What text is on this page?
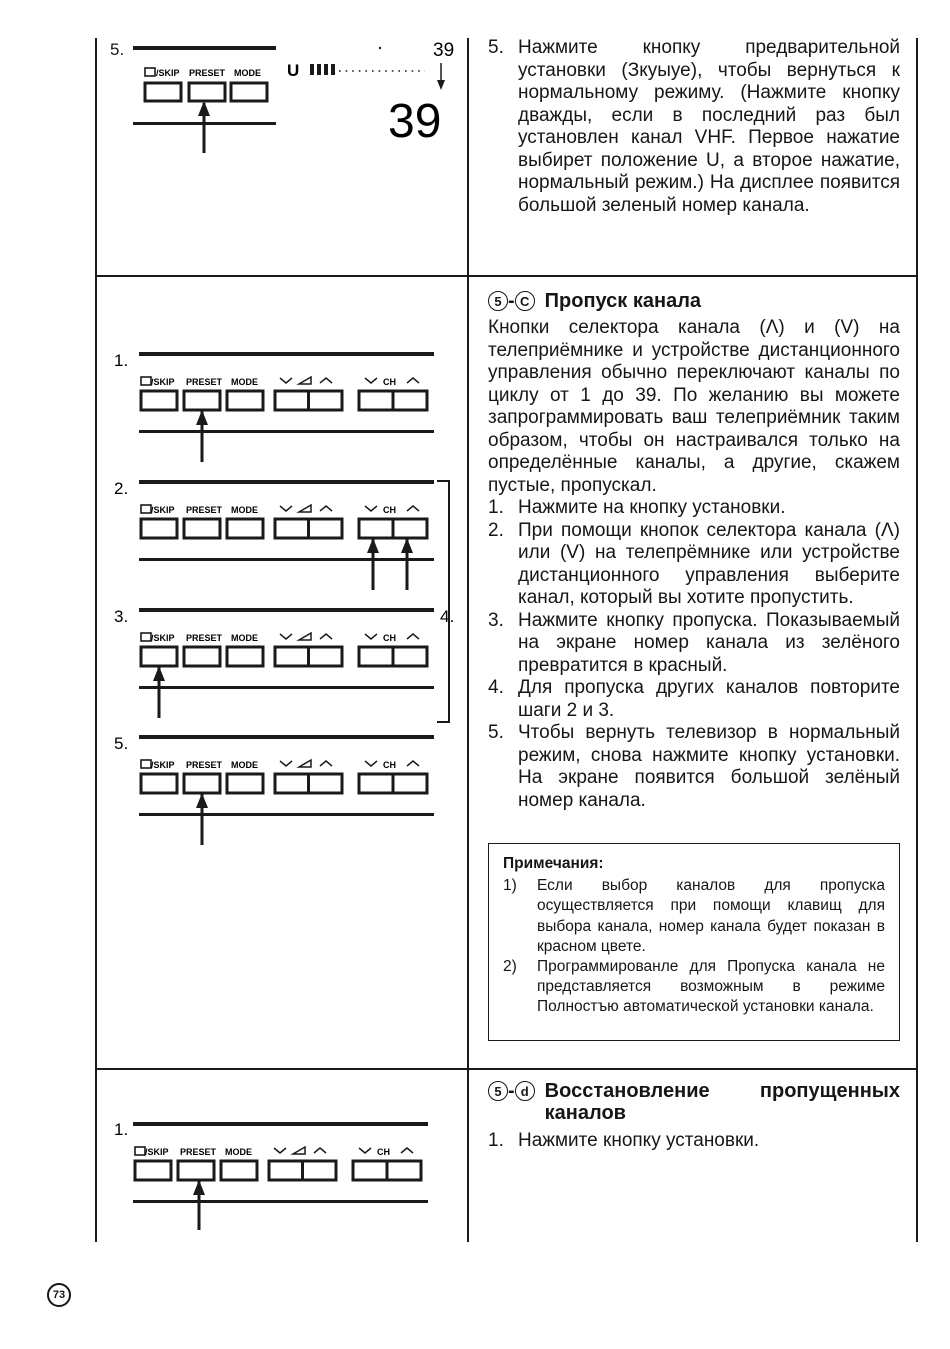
5.
/SKIP PRESET MODE U
39
39
5. Нажмите кнопку предварительной установки (Зкуыуе), чтобы вернуться к нормальному режиму. (Нажмите кнопку дважды, если в последний раз был установлен канал VHF. Первое нажатие выбирет положение U, а второе нажатие, нормальный режим.) На дисплее появится большой зеленый номер канала.
1.
2.
3.	4.
5.
/SKIP PRESET MODE	CH
/SKIP PRESET MODE	CH
/SKIP PRESET MODE	CH
/SKIP PRESET MODE	CH
5 - C Пропуск канала
Кнопки селектора канала (Λ) и (V) на телеприёмнике и устройстве дистанционного управления обычно переключают каналы по циклу от 1 до 39. По желанию вы можете запрограммировать ваш телеприёмник таким образом, чтобы он настраивался только на определённые каналы, а другие, скажем пустые, пропускал.
1. Нажмите на кнопку установки.
2. При помощи кнопок селектора канала (Λ) или (V) на телепрёмнике или устройстве дистанционного управления выберите канал, который вы хотите пропустить.
3. Нажмите кнопку пропуска. Показываемый на экране номер канала из зелёного превратится в красный.
4. Для пропуска других каналов повторите шаги 2 и 3.
5. Чтобы вернуть телевизор в нормальный режим, снова нажмите кнопку установки. На экране появится большой зелёный номер канала.
Примечания:
1) Если выбор каналов для пропуска осуществляется при помощи клавищ для выбора канала, номер канала будет показан в красном цвете.
2) Программированле для Пропуска канала не представляется возможным в режиме Полностъю автоматической установки канала.
1.
/SKIP PRESET MODE	CH
5 - d Восстановление пропущенных каналов
1. Нажмите кнопку установки.
73
